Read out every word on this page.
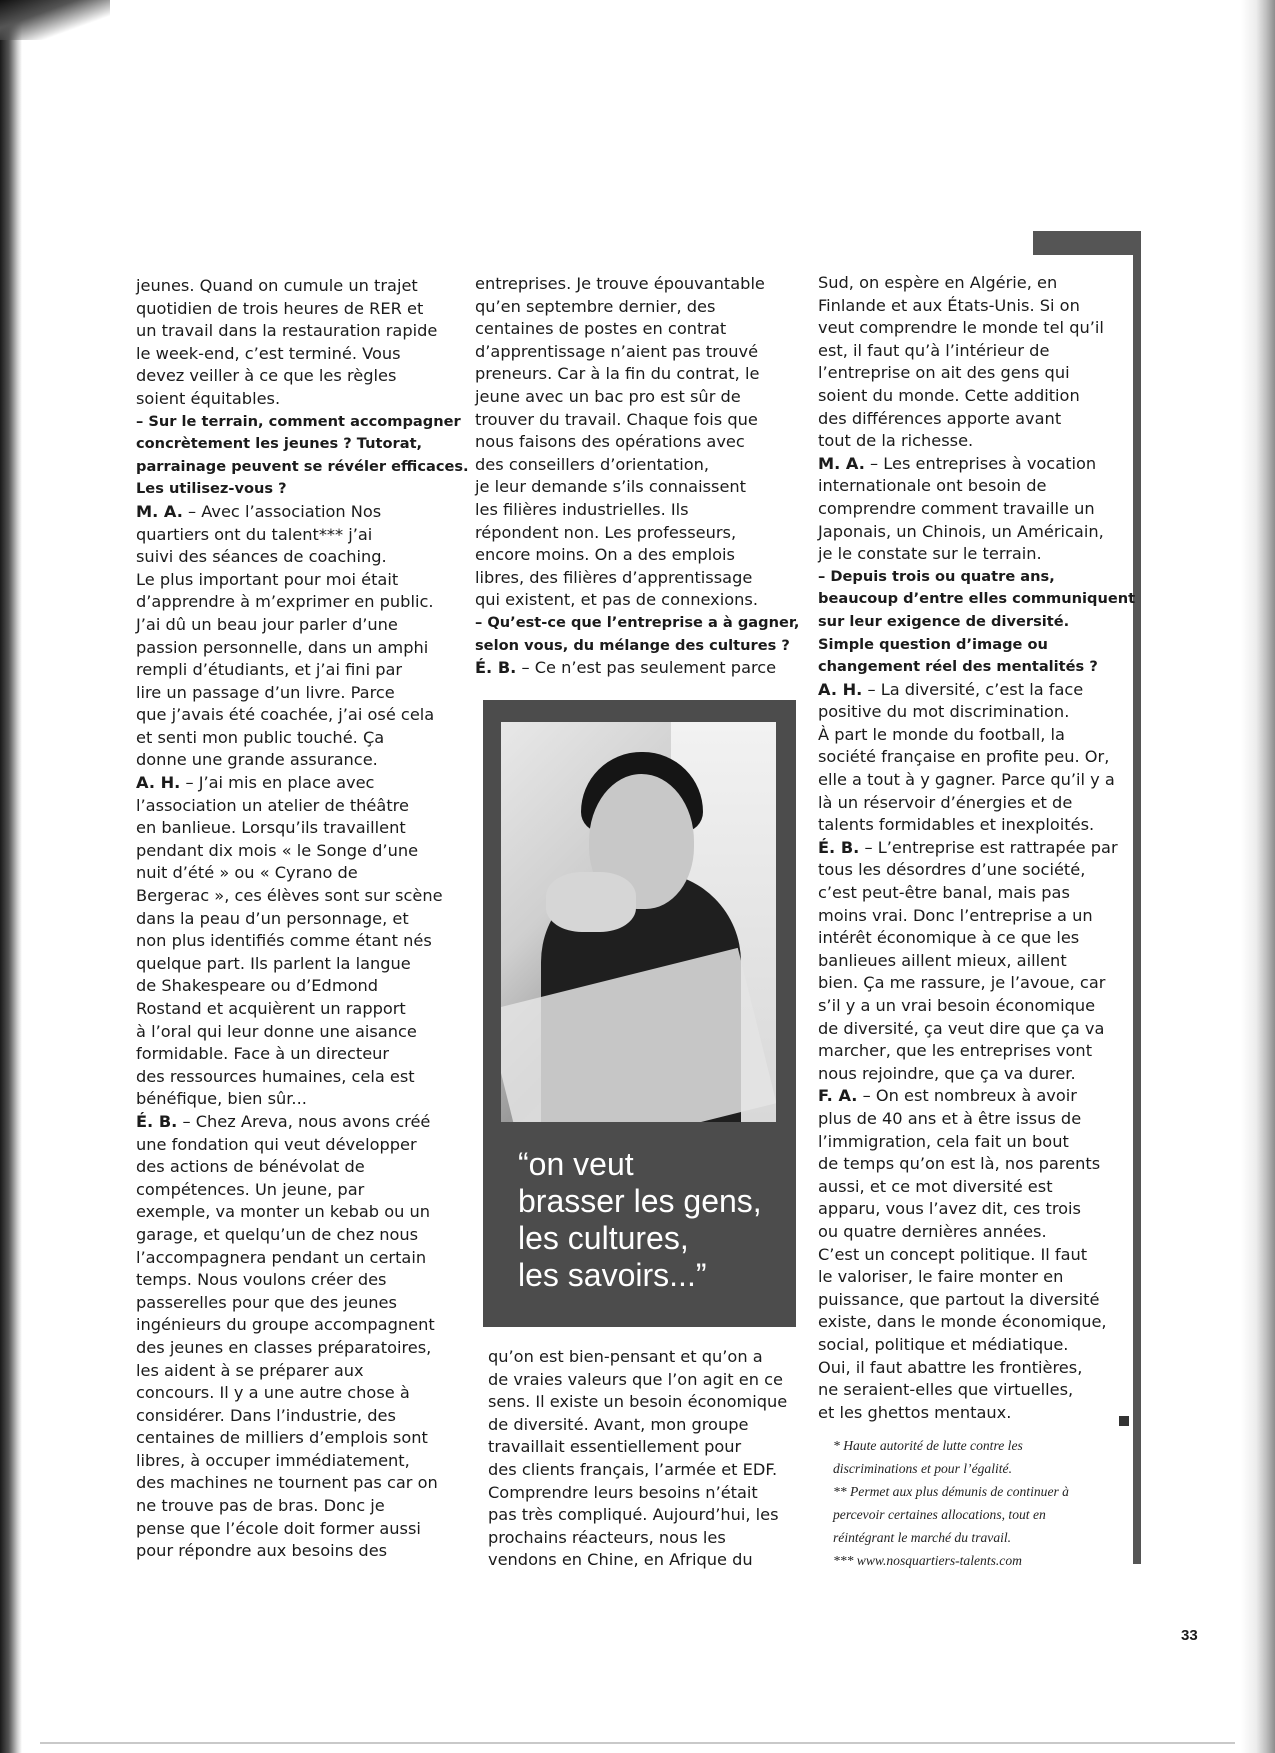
jeunes. Quand on cumule un trajet

quotidien de trois heures de RER et

un travail dans la restauration rapide

le week-end, c’est terminé. Vous

devez veiller à ce que les règles

soient équitables.

– Sur le terrain, comment accompagner

concrètement les jeunes ? Tutorat,

parrainage peuvent se révéler efficaces.

Les utilisez-vous ?

M. A. – Avec l’association Nos

quartiers ont du talent*** j’ai

suivi des séances de coaching.

Le plus important pour moi était

d’apprendre à m’exprimer en public.

J’ai dû un beau jour parler d’une

passion personnelle, dans un amphi

rempli d’étudiants, et j’ai fini par

lire un passage d’un livre. Parce

que j’avais été coachée, j’ai osé cela

et senti mon public touché. Ça

donne une grande assurance.

A. H. – J’ai mis en place avec

l’association un atelier de théâtre

en banlieue. Lorsqu’ils travaillent

pendant dix mois « le Songe d’une

nuit d’été » ou « Cyrano de

Bergerac », ces élèves sont sur scène

dans la peau d’un personnage, et

non plus identifiés comme étant nés

quelque part. Ils parlent la langue

de Shakespeare ou d’Edmond

Rostand et acquièrent un rapport

à l’oral qui leur donne une aisance

formidable. Face à un directeur

des ressources humaines, cela est

bénéfique, bien sûr...

É. B. – Chez Areva, nous avons créé

une fondation qui veut développer

des actions de bénévolat de

compétences. Un jeune, par

exemple, va monter un kebab ou un

garage, et quelqu’un de chez nous

l’accompagnera pendant un certain

temps. Nous voulons créer des

passerelles pour que des jeunes

ingénieurs du groupe accompagnent

des jeunes en classes préparatoires,

les aident à se préparer aux

concours. Il y a une autre chose à

considérer. Dans l’industrie, des

centaines de milliers d’emplois sont

libres, à occuper immédiatement,

des machines ne tournent pas car on

ne trouve pas de bras. Donc je

pense que l’école doit former aussi

pour répondre aux besoins des

entreprises. Je trouve épouvantable

qu’en septembre dernier, des

centaines de postes en contrat

d’apprentissage n’aient pas trouvé

preneurs. Car à la fin du contrat, le

jeune avec un bac pro est sûr de

trouver du travail. Chaque fois que

nous faisons des opérations avec

des conseillers d’orientation,

je leur demande s’ils connaissent

les filières industrielles. Ils

répondent non. Les professeurs,

encore moins. On a des emplois

libres, des filières d’apprentissage

qui existent, et pas de connexions.

– Qu’est-ce que l’entreprise a à gagner,

selon vous, du mélange des cultures ?

É. B. – Ce n’est pas seulement parce

“on veut

brasser les gens,

les cultures,

les savoirs...”

qu’on est bien-pensant et qu’on a

de vraies valeurs que l’on agit en ce

sens. Il existe un besoin économique

de diversité. Avant, mon groupe

travaillait essentiellement pour

des clients français, l’armée et EDF.

Comprendre leurs besoins n’était

pas très compliqué. Aujourd’hui, les

prochains réacteurs, nous les

vendons en Chine, en Afrique du

Sud, on espère en Algérie, en

Finlande et aux États-Unis. Si on

veut comprendre le monde tel qu’il

est, il faut qu’à l’intérieur de

l’entreprise on ait des gens qui

soient du monde. Cette addition

des différences apporte avant

tout de la richesse.

M. A. – Les entreprises à vocation

internationale ont besoin de

comprendre comment travaille un

Japonais, un Chinois, un Américain,

je le constate sur le terrain.

– Depuis trois ou quatre ans,

beaucoup d’entre elles communiquent

sur leur exigence de diversité.

Simple question d’image ou

changement réel des mentalités ?

A. H. – La diversité, c’est la face

positive du mot discrimination.

À part le monde du football, la

société française en profite peu. Or,

elle a tout à y gagner. Parce qu’il y a

là un réservoir d’énergies et de

talents formidables et inexploités.

É. B. – L’entreprise est rattrapée par

tous les désordres d’une société,

c’est peut-être banal, mais pas

moins vrai. Donc l’entreprise a un

intérêt économique à ce que les

banlieues aillent mieux, aillent

bien. Ça me rassure, je l’avoue, car

s’il y a un vrai besoin économique

de diversité, ça veut dire que ça va

marcher, que les entreprises vont

nous rejoindre, que ça va durer.

F. A. – On est nombreux à avoir

plus de 40 ans et à être issus de

l’immigration, cela fait un bout

de temps qu’on est là, nos parents

aussi, et ce mot diversité est

apparu, vous l’avez dit, ces trois

ou quatre dernières années.

C’est un concept politique. Il faut

le valoriser, le faire monter en

puissance, que partout la diversité

existe, dans le monde économique,

social, politique et médiatique.

Oui, il faut abattre les frontières,

ne seraient-elles que virtuelles,

et les ghettos mentaux.

* Haute autorité de lutte contre les

discriminations et pour l’égalité.

** Permet aux plus démunis de continuer à

percevoir certaines allocations, tout en

réintégrant le marché du travail.

*** www.nosquartiers-talents.com

33
